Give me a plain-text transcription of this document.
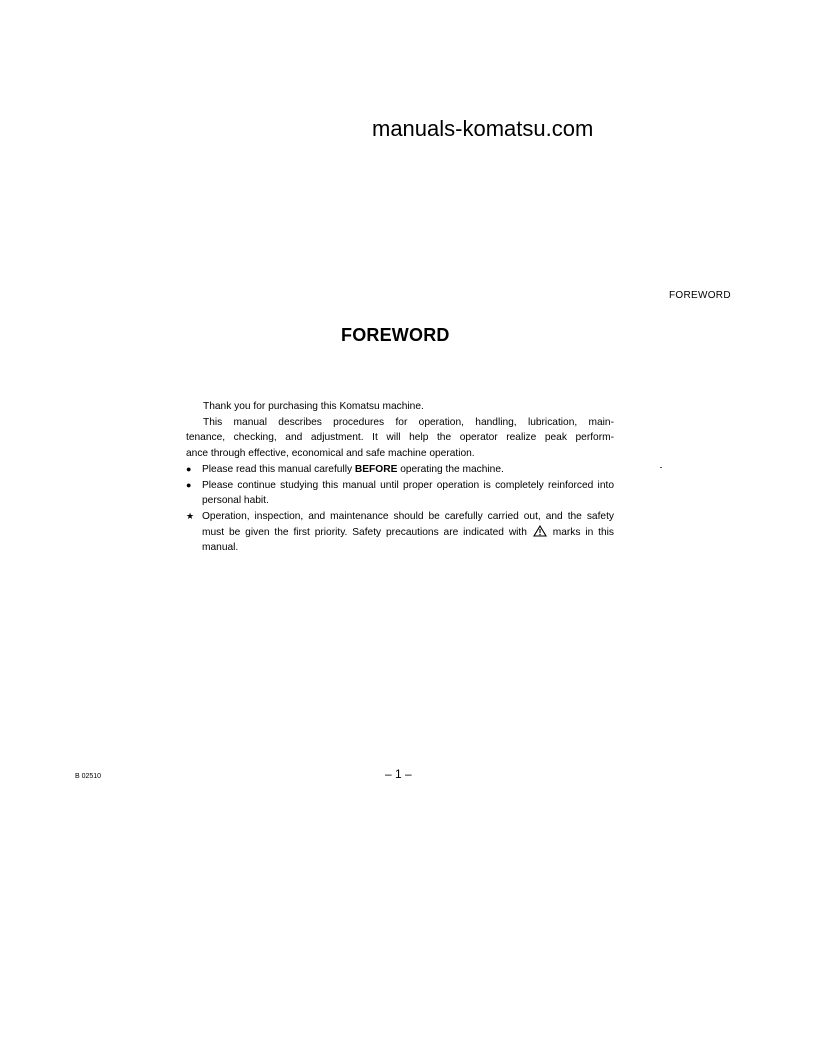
manuals-komatsu.com
FOREWORD
FOREWORD
Thank you for purchasing this Komatsu machine.
This manual describes procedures for operation, handling, lubrication, main-
tenance, checking, and adjustment. It will help the operator realize peak perform-
ance through effective, economical and safe machine operation.
●	Please read this manual carefully BEFORE operating the machine.
●	Please continue studying this manual until proper operation is completely reinforced into personal habit.
★ Operation, inspection, and maintenance should be carefully carried out, and the safety must be given the first priority. Safety precautions are indicated with	marks in this manual.
B 02510	– 1 –
